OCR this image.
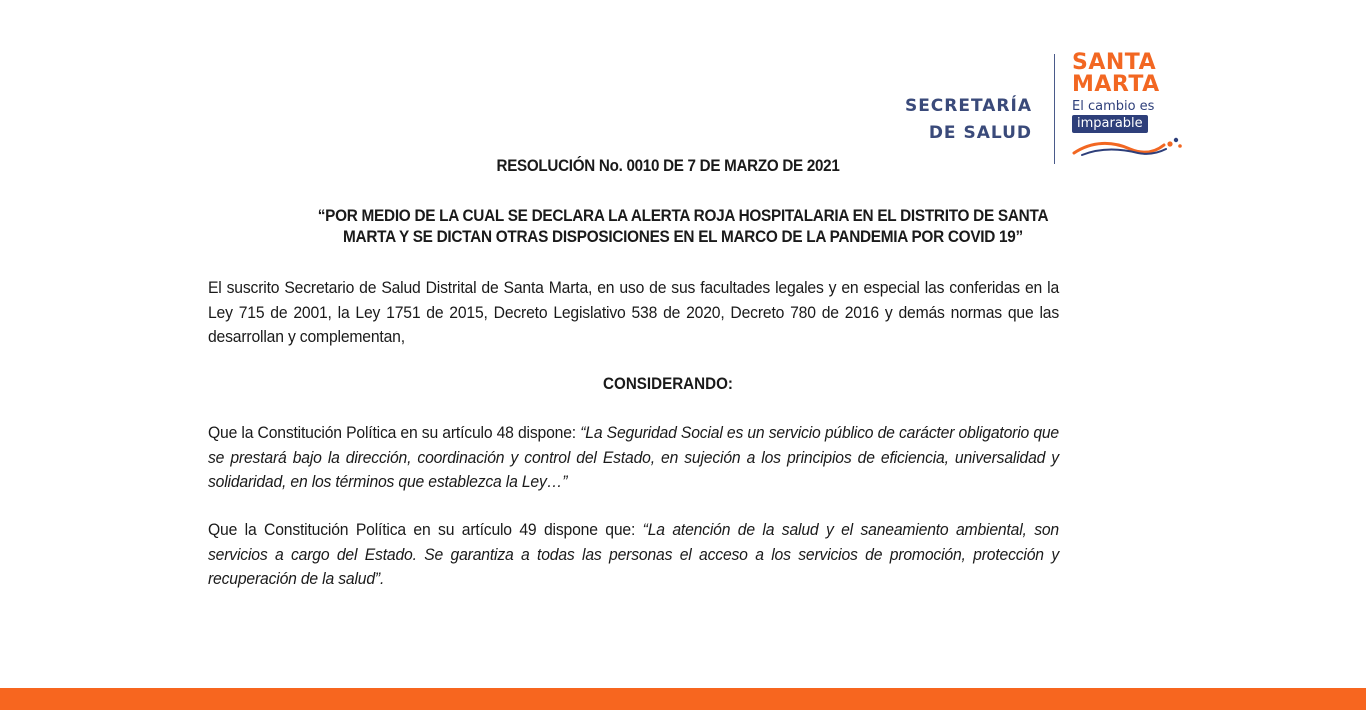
SECRETARÍA
DE SALUD
SANTA
MARTA
El cambio es
imparable
RESOLUCIÓN No. 0010 DE 7 DE MARZO DE 2021
“POR MEDIO DE LA CUAL SE DECLARA LA ALERTA ROJA HOSPITALARIA EN EL DISTRITO DE SANTA
MARTA Y SE DICTAN OTRAS DISPOSICIONES EN EL MARCO DE LA PANDEMIA POR COVID 19”
El suscrito Secretario de Salud Distrital de Santa Marta, en uso de sus facultades legales y en especial las conferidas en la Ley 715 de 2001, la Ley 1751 de 2015, Decreto Legislativo 538 de 2020, Decreto 780 de 2016 y demás normas que las desarrollan y complementan,
CONSIDERANDO:
Que la Constitución Política en su artículo 48 dispone: “La Seguridad Social es un servicio público de carácter obligatorio que se prestará bajo la dirección, coordinación y control del Estado, en sujeción a los principios de eficiencia, universalidad y solidaridad, en los términos que establezca la Ley…”
Que la Constitución Política en su artículo 49 dispone que: “La atención de la salud y el saneamiento ambiental, son servicios a cargo del Estado. Se garantiza a todas las personas el acceso a los servicios de promoción, protección y recuperación de la salud”.
